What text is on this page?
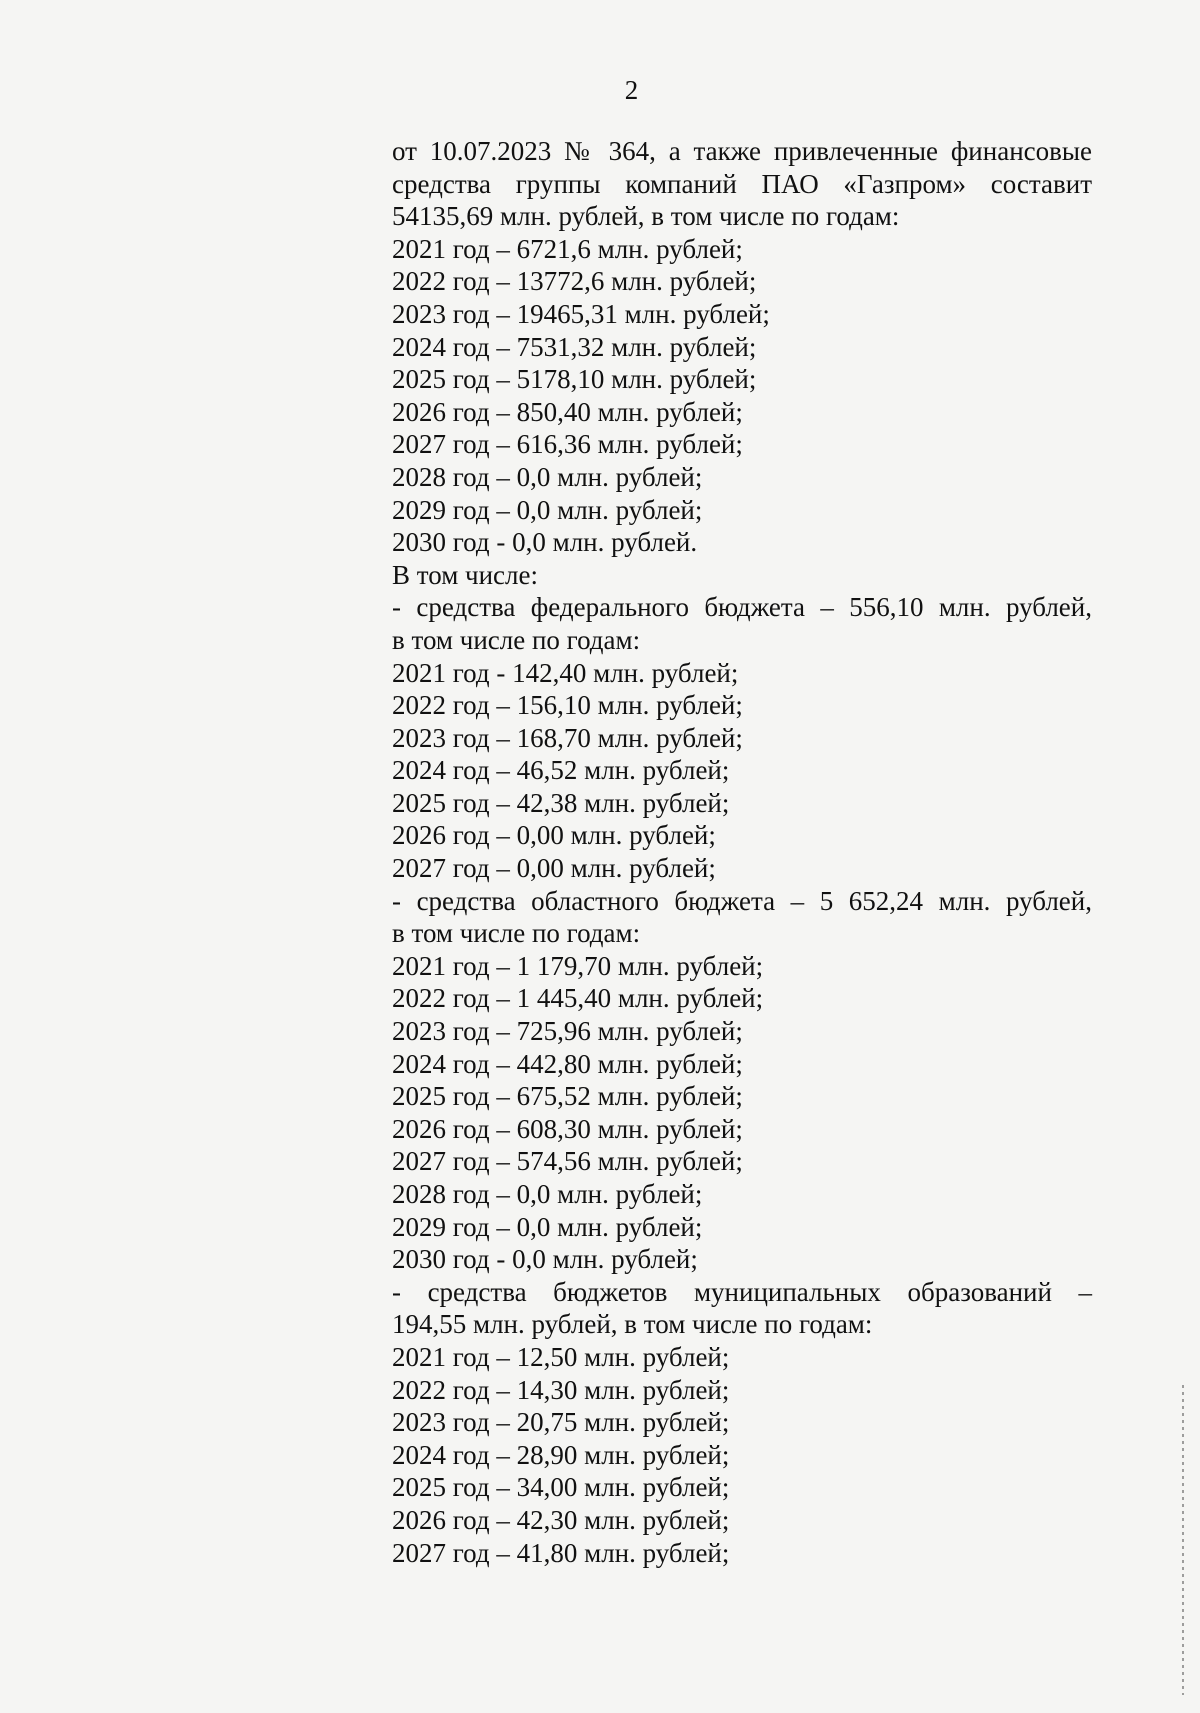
2
от 10.07.2023 № 364, а также привлеченные финансовые
средства группы компаний ПАО «Газпром» составит
54135,69 млн. рублей, в том числе по годам:
2021 год – 6721,6 млн. рублей;
2022 год – 13772,6 млн. рублей;
2023 год – 19465,31 млн. рублей;
2024 год – 7531,32 млн. рублей;
2025 год – 5178,10 млн. рублей;
2026 год – 850,40 млн. рублей;
2027 год – 616,36 млн. рублей;
2028 год – 0,0 млн. рублей;
2029 год – 0,0 млн. рублей;
2030 год - 0,0 млн. рублей.
В том числе:
- средства федерального бюджета – 556,10 млн. рублей,
в том числе по годам:
2021 год - 142,40 млн. рублей;
2022 год – 156,10 млн. рублей;
2023 год – 168,70 млн. рублей;
2024 год – 46,52 млн. рублей;
2025 год – 42,38 млн. рублей;
2026 год – 0,00 млн. рублей;
2027 год – 0,00 млн. рублей;
- средства областного бюджета – 5 652,24 млн. рублей,
в том числе по годам:
2021 год – 1 179,70 млн. рублей;
2022 год – 1 445,40 млн. рублей;
2023 год – 725,96 млн. рублей;
2024 год – 442,80 млн. рублей;
2025 год – 675,52 млн. рублей;
2026 год – 608,30 млн. рублей;
2027 год – 574,56 млн. рублей;
2028 год – 0,0 млн. рублей;
2029 год – 0,0 млн. рублей;
2030 год - 0,0 млн. рублей;
- средства бюджетов муниципальных образований –
194,55 млн. рублей, в том числе по годам:
2021 год – 12,50 млн. рублей;
2022 год – 14,30 млн. рублей;
2023 год – 20,75 млн. рублей;
2024 год – 28,90 млн. рублей;
2025 год – 34,00 млн. рублей;
2026 год – 42,30 млн. рублей;
2027 год – 41,80 млн. рублей;
